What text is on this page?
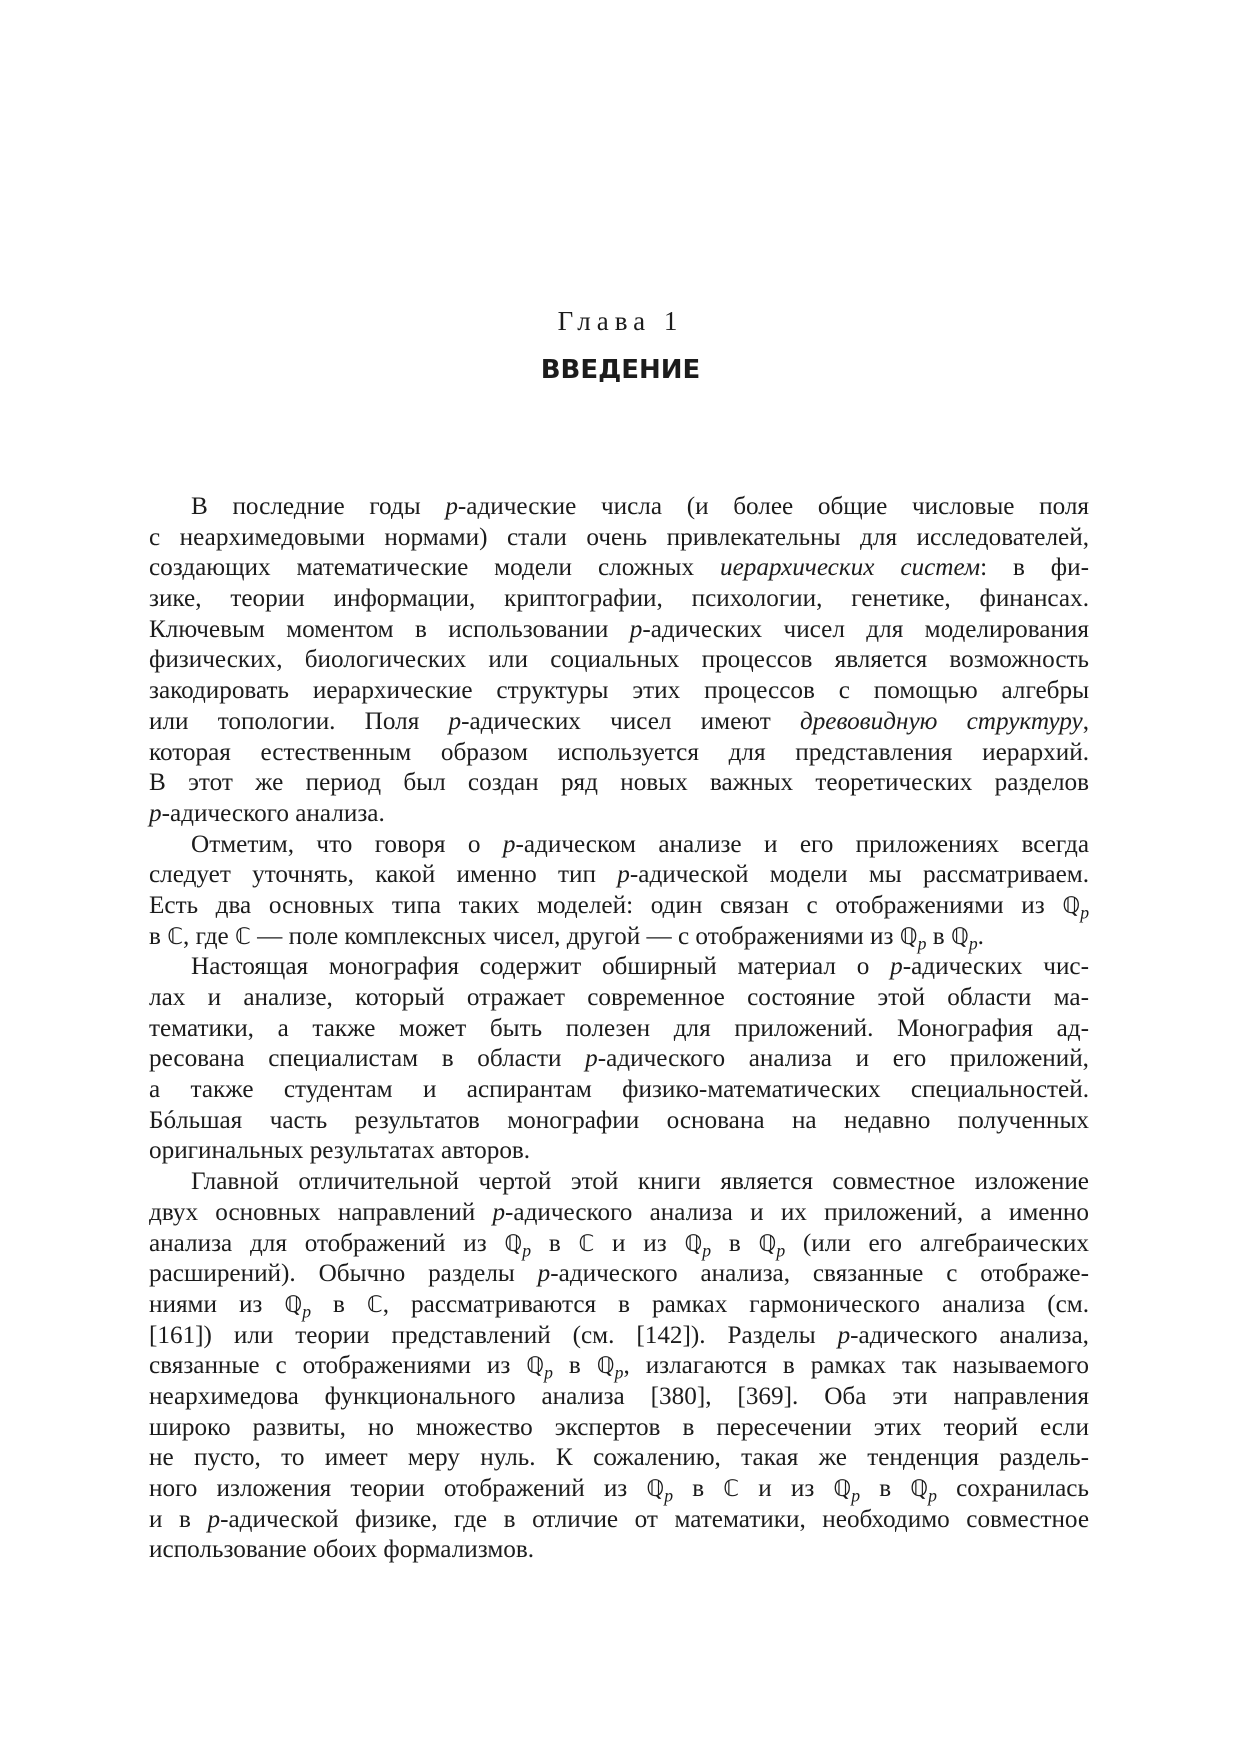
Глава 1
ВВЕДЕНИЕ
В последние годы p-адические числа (и более общие числовые поля
с неархимедовыми нормами) стали очень привлекательны для исследователей,
создающих математические модели сложных иерархических систем: в фи-
зике, теории информации, криптографии, психологии, генетике, финансах.
Ключевым моментом в использовании p-адических чисел для моделирования
физических, биологических или социальных процессов является возможность
закодировать иерархические структуры этих процессов с помощью алгебры
или топологии. Поля p-адических чисел имеют древовидную структуру,
которая естественным образом используется для представления иерархий.
В этот же период был создан ряд новых важных теоретических разделов
p-адического анализа.
Отметим, что говоря о p-адическом анализе и его приложениях всегда
следует уточнять, какой именно тип p-адической модели мы рассматриваем.
Есть два основных типа таких моделей: один связан с отображениями из ℚ$_p$
в ℂ, где ℂ — поле комплексных чисел, другой — с отображениями из ℚ$_p$ в ℚ$_p$.
Настоящая монография содержит обширный материал о p-адических чис-
лах и анализе, который отражает современное состояние этой области ма-
тематики, а также может быть полезен для приложений. Монография ад-
ресована специалистам в области p-адического анализа и его приложений,
а также студентам и аспирантам физико-математических специальностей.
Бóльшая часть результатов монографии основана на недавно полученных
оригинальных результатах авторов.
Главной отличительной чертой этой книги является совместное изложение
двух основных направлений p-адического анализа и их приложений, а именно
анализа для отображений из ℚ$_p$ в ℂ и из ℚ$_p$ в ℚ$_p$ (или его алгебраических
расширений). Обычно разделы p-адического анализа, связанные с отображе-
ниями из ℚ$_p$ в ℂ, рассматриваются в рамках гармонического анализа (см.
[161]) или теории представлений (см. [142]). Разделы p-адического анализа,
связанные с отображениями из ℚ$_p$ в ℚ$_p$, излагаются в рамках так называемого
неархимедова функционального анализа [380], [369]. Оба эти направления
широко развиты, но множество экспертов в пересечении этих теорий если
не пусто, то имеет меру нуль. К сожалению, такая же тенденция раздель-
ного изложения теории отображений из ℚ$_p$ в ℂ и из ℚ$_p$ в ℚ$_p$ сохранилась
и в p-адической физике, где в отличие от математики, необходимо совместное
использование обоих формализмов.
